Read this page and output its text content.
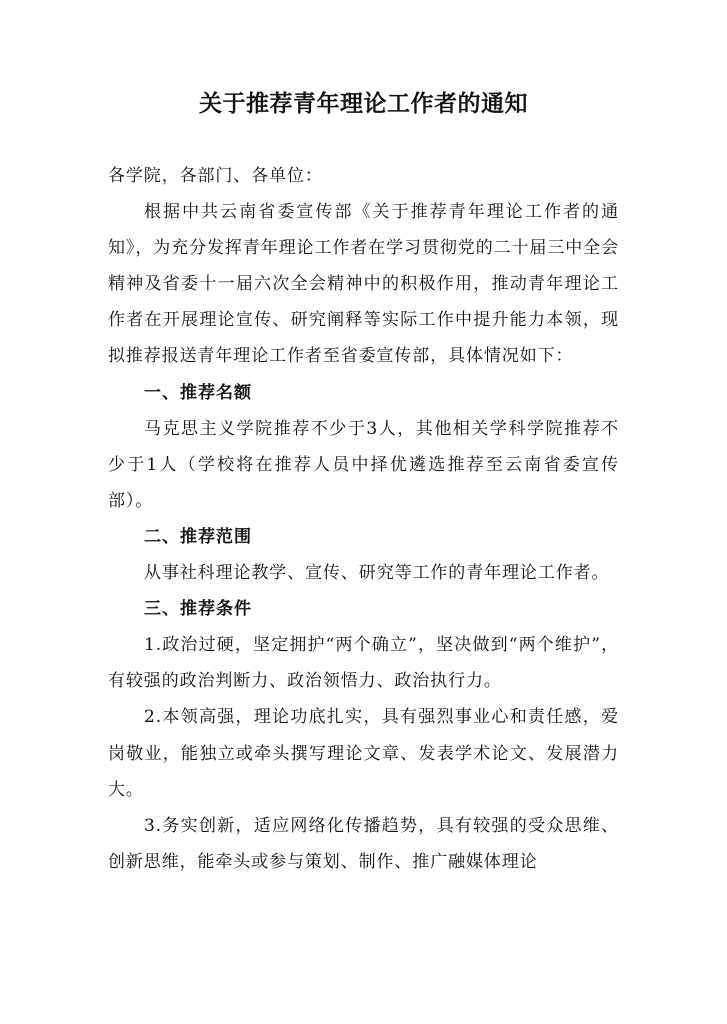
关于推荐青年理论工作者的通知

各学院，各部门、各单位：

根据中共云南省委宣传部《关于推荐青年理论工作者的通知》，为充分发挥青年理论工作者在学习贯彻党的二十届三中全会精神及省委十一届六次全会精神中的积极作用，推动青年理论工作者在开展理论宣传、研究阐释等实际工作中提升能力本领，现拟推荐报送青年理论工作者至省委宣传部，具体情况如下：

一、推荐名额

马克思主义学院推荐不少于3人，其他相关学科学院推荐不少于1人（学校将在推荐人员中择优遴选推荐至云南省委宣传部）。

二、推荐范围

从事社科理论教学、宣传、研究等工作的青年理论工作者。

三、推荐条件

1.政治过硬，坚定拥护“两个确立”，坚决做到“两个维护”，有较强的政治判断力、政治领悟力、政治执行力。

2.本领高强，理论功底扎实，具有强烈事业心和责任感，爱岗敬业，能独立或牵头撰写理论文章、发表学术论文、发展潜力大。

3.务实创新，适应网络化传播趋势，具有较强的受众思维、创新思维，能牵头或参与策划、制作、推广融媒体理论
